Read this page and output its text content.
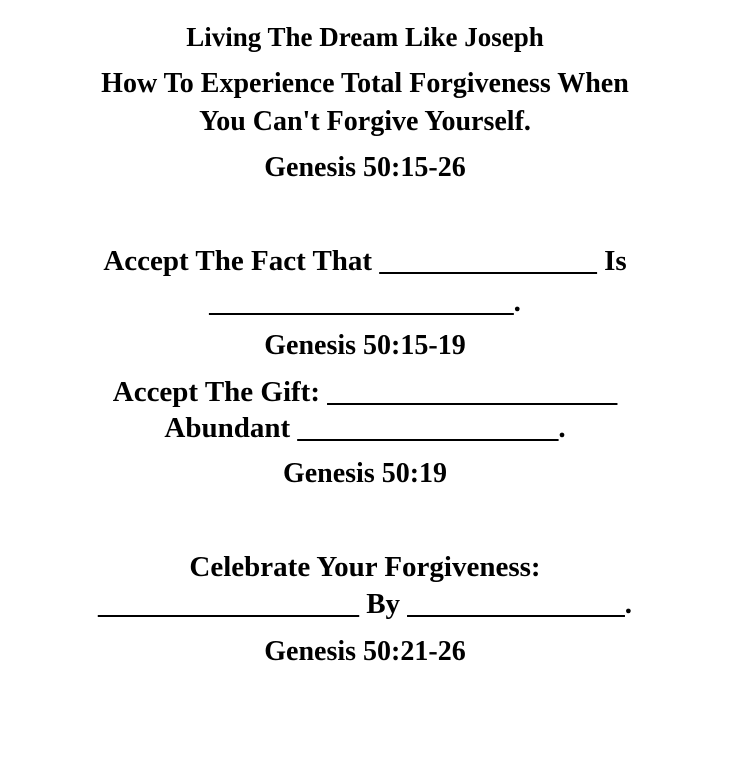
Living The Dream Like Joseph
How To Experience Total Forgiveness When
You Can't Forgive Yourself.
Genesis 50:15-26
Accept The Fact That _______________ Is
_____________________.
Genesis 50:15-19
Accept The Gift: ____________________
Abundant __________________.
Genesis 50:19
Celebrate Your Forgiveness:
__________________ By _______________.
Genesis 50:21-26
